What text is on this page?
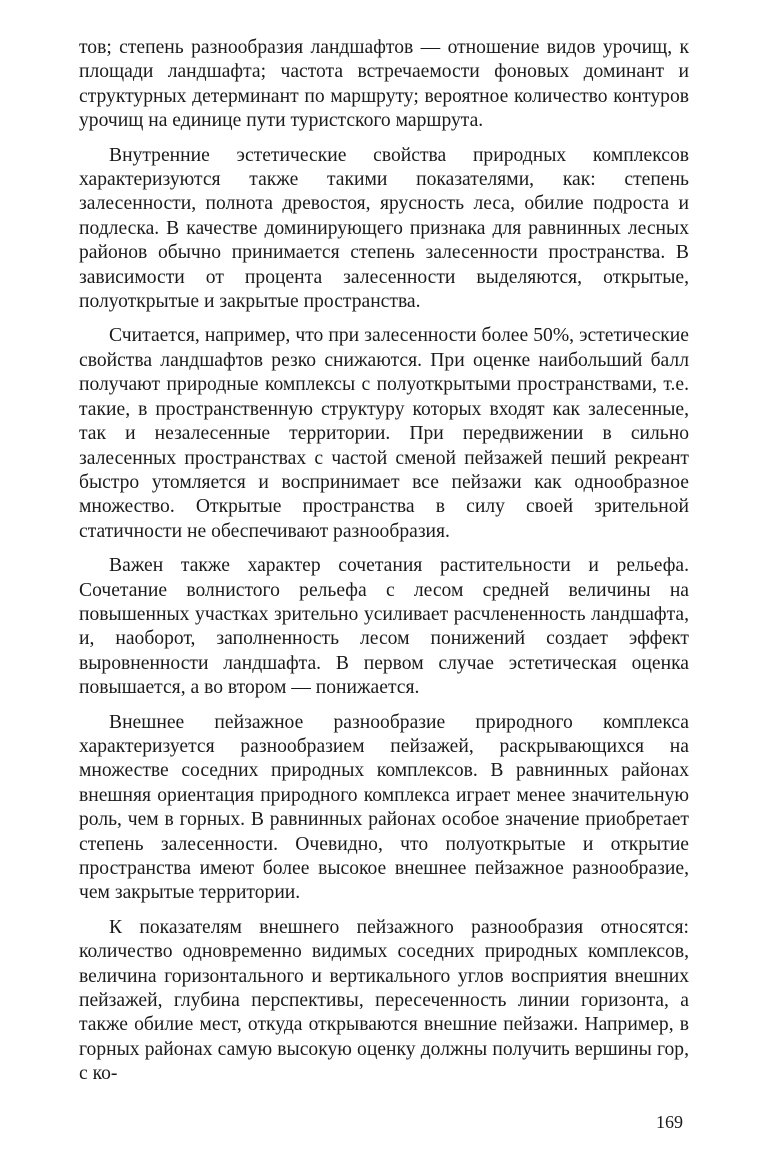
тов; степень разнообразия ландшафтов — отношение видов урочищ, к площади ландшафта; частота встречаемости фоновых доминант и структурных детерминант по маршруту; вероятное количество контуров урочищ на единице пути туристского маршрута.

Внутренние эстетические свойства природных комплексов характеризуются также такими показателями, как: степень залесенности, полнота древостоя, ярусность леса, обилие подроста и подлеска. В качестве доминирующего признака для равнинных лесных районов обычно принимается степень залесенности пространства. В зависимости от процента залесенности выделяются, открытые, полуоткрытые и закрытые пространства.

Считается, например, что при залесенности более 50%, эстетические свойства ландшафтов резко снижаются. При оценке наибольший балл получают природные комплексы с полуоткрытыми пространствами, т.е. такие, в пространственную структуру которых входят как залесенные, так и незалесенные территории. При передвижении в сильно залесенных пространствах с частой сменой пейзажей пеший рекреант быстро утомляется и воспринимает все пейзажи как однообразное множество. Открытые пространства в силу своей зрительной статичности не обеспечивают разнообразия.

Важен также характер сочетания растительности и рельефа. Сочетание волнистого рельефа с лесом средней величины на повышенных участках зрительно усиливает расчлененность ландшафта, и, наоборот, заполненность лесом понижений создает эффект выровненности ландшафта. В первом случае эстетическая оценка повышается, а во втором — понижается.

Внешнее пейзажное разнообразие природного комплекса характеризуется разнообразием пейзажей, раскрывающихся на множестве соседних природных комплексов. В равнинных районах внешняя ориентация природного комплекса играет менее значительную роль, чем в горных. В равнинных районах особое значение приобретает степень залесенности. Очевидно, что полуоткрытые и открытие пространства имеют более высокое внешнее пейзажное разнообразие, чем закрытые территории.

К показателям внешнего пейзажного разнообразия относятся: количество одновременно видимых соседних природных комплексов, величина горизонтального и вертикального углов восприятия внешних пейзажей, глубина перспективы, пересеченность линии горизонта, а также обилие мест, откуда открываются внешние пейзажи. Например, в горных районах самую высокую оценку должны получить вершины гор, с ко-

169
